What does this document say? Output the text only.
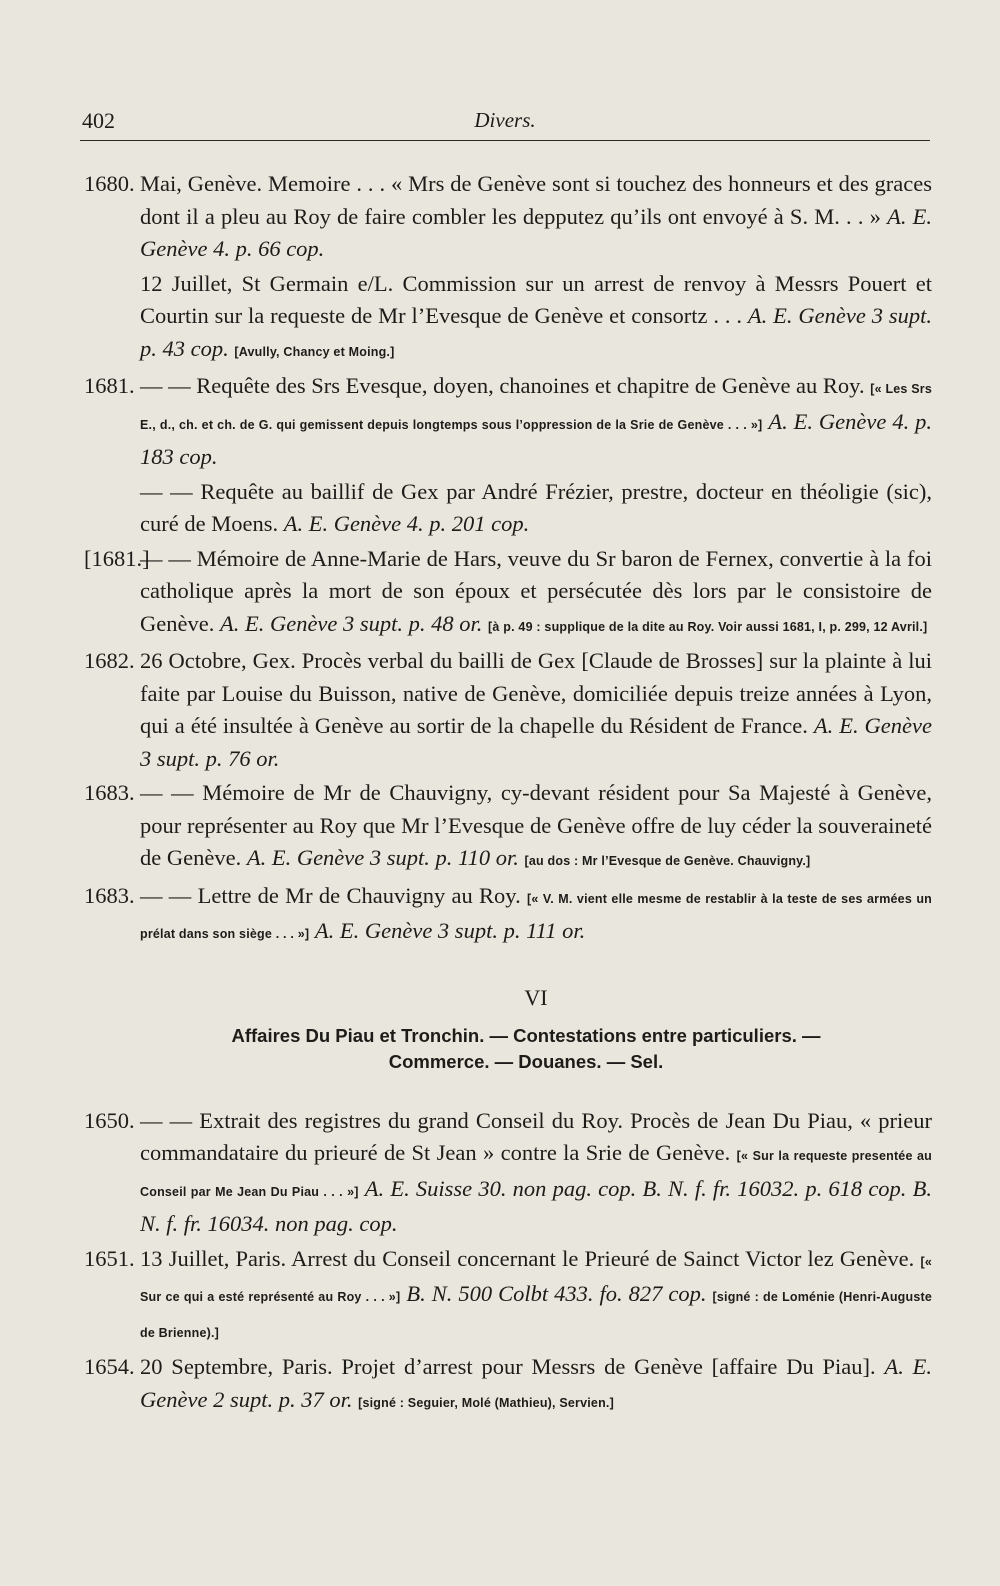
402	Divers.

1680. Mai, Genève. Memoire . . . « Mrs de Genève sont si touchez des honneurs et des graces dont il a pleu au Roy de faire combler les depputez qu’ils ont envoyé à S. M. . . » A. E. Genève 4. p. 66 cop.

12 Juillet, St Germain e/L. Commission sur un arrest de renvoy à Messrs Pouert et Courtin sur la requeste de Mr l’Evesque de Genève et consortz . . . A. E. Genève 3 supt. p. 43 cop. [Avully, Chancy et Moing.]

1681. — — Requête des Srs Evesque, doyen, chanoines et chapitre de Genève au Roy. [« Les Srs E., d., ch. et ch. de G. qui gemissent depuis longtemps sous l’oppression de la Srie de Genève . . . »] A. E. Genève 4. p. 183 cop.

— — Requête au baillif de Gex par André Frézier, prestre, docteur en théoligie (sic), curé de Moens. A. E. Genève 4. p. 201 cop.

[1681.]
— — Mémoire de Anne-Marie de Hars, veuve du Sr baron de Fernex, convertie à la foi catholique après la mort de son époux et persécutée dès lors par le consistoire de Genève. A. E. Genève 3 supt. p. 48 or. [à p. 49 : supplique de la dite au Roy. Voir aussi 1681, I, p. 299, 12 Avril.]

1682. 26 Octobre, Gex. Procès verbal du bailli de Gex [Claude de Brosses] sur la plainte à lui faite par Louise du Buisson, native de Genève, domiciliée depuis treize années à Lyon, qui a été insultée à Genève au sortir de la chapelle du Résident de France. A. E. Genève 3 supt. p. 76 or.

1683. — — Mémoire de Mr de Chauvigny, cy-devant résident pour Sa Majesté à Genève, pour représenter au Roy que Mr l’Evesque de Genève offre de luy céder la souveraineté de Genève. A. E. Genève 3 supt. p. 110 or. [au dos : Mr l’Evesque de Genève. Chauvigny.]

1683. — — Lettre de Mr de Chauvigny au Roy. [« V. M. vient elle mesme de restablir à la teste de ses armées un prélat dans son siège . . . »] A. E. Genève 3 supt. p. 111 or.

VI
Affaires Du Piau et Tronchin. — Contestations entre particuliers. —
Commerce. — Douanes. — Sel.

1650. — — Extrait des registres du grand Conseil du Roy. Procès de Jean Du Piau, « prieur commandataire du prieuré de St Jean » contre la Srie de Genève. [« Sur la requeste presentée au Conseil par Me Jean Du Piau . . . »] A. E. Suisse 30. non pag. cop. B. N. f. fr. 16032. p. 618 cop. B. N. f. fr. 16034. non pag. cop.

1651. 13 Juillet, Paris. Arrest du Conseil concernant le Prieuré de Sainct Victor lez Genève. [« Sur ce qui a esté représenté au Roy . . . »] B. N. 500 Colbt 433. fo. 827 cop. [signé : de Loménie (Henri-Auguste de Brienne).]

1654. 20 Septembre, Paris. Projet d’arrest pour Messrs de Genève [affaire Du Piau]. A. E. Genève 2 supt. p. 37 or. [signé : Seguier, Molé (Mathieu), Servien.]
